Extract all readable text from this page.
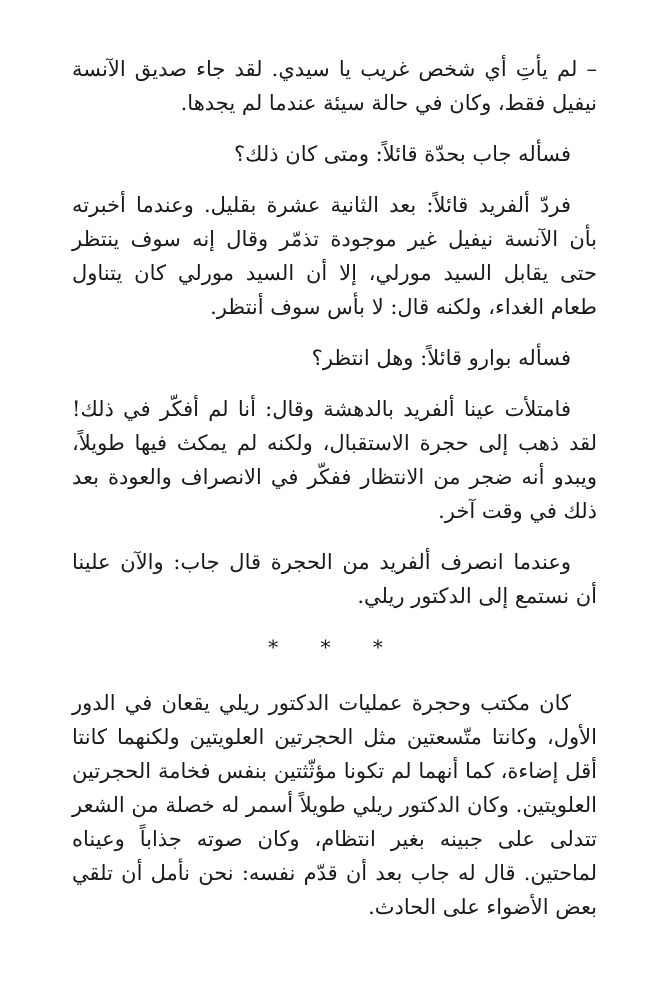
– لم يأتِ أي شخص غريب يا سيدي. لقد جاء صديق الآنسة نيفيل فقط، وكان في حالة سيئة عندما لم يجدها.

فسأله جاب بحدّة قائلاً: ومتى كان ذلك؟

فردّ ألفريد قائلاً: بعد الثانية عشرة بقليل. وعندما أخبرته بأن الآنسة نيفيل غير موجودة تذمّر وقال إنه سوف ينتظر حتى يقابل السيد مورلي، إلا أن السيد مورلي كان يتناول طعام الغداء، ولكنه قال: لا بأس سوف أنتظر.

فسأله بوارو قائلاً: وهل انتظر؟

فامتلأت عينا ألفريد بالدهشة وقال: أنا لم أفكّر في ذلك! لقد ذهب إلى حجرة الاستقبال، ولكنه لم يمكث فيها طويلاً، ويبدو أنه ضجر من الانتظار ففكّر في الانصراف والعودة بعد ذلك في وقت آخر.

وعندما انصرف ألفريد من الحجرة قال جاب: والآن علينا أن نستمع إلى الدكتور ريلي.

* * *

كان مكتب وحجرة عمليات الدكتور ريلي يقعان في الدور الأول، وكانتا متّسعتين مثل الحجرتين العلويتين ولكنهما كانتا أقل إضاءة، كما أنهما لم تكونا مؤثّثتين بنفس فخامة الحجرتين العلويتين. وكان الدكتور ريلي طويلاً أسمر له خصلة من الشعر تتدلى على جبينه بغير انتظام، وكان صوته جذاباً وعيناه لماحتين. قال له جاب بعد أن قدّم نفسه: نحن نأمل أن تلقي بعض الأضواء على الحادث.
